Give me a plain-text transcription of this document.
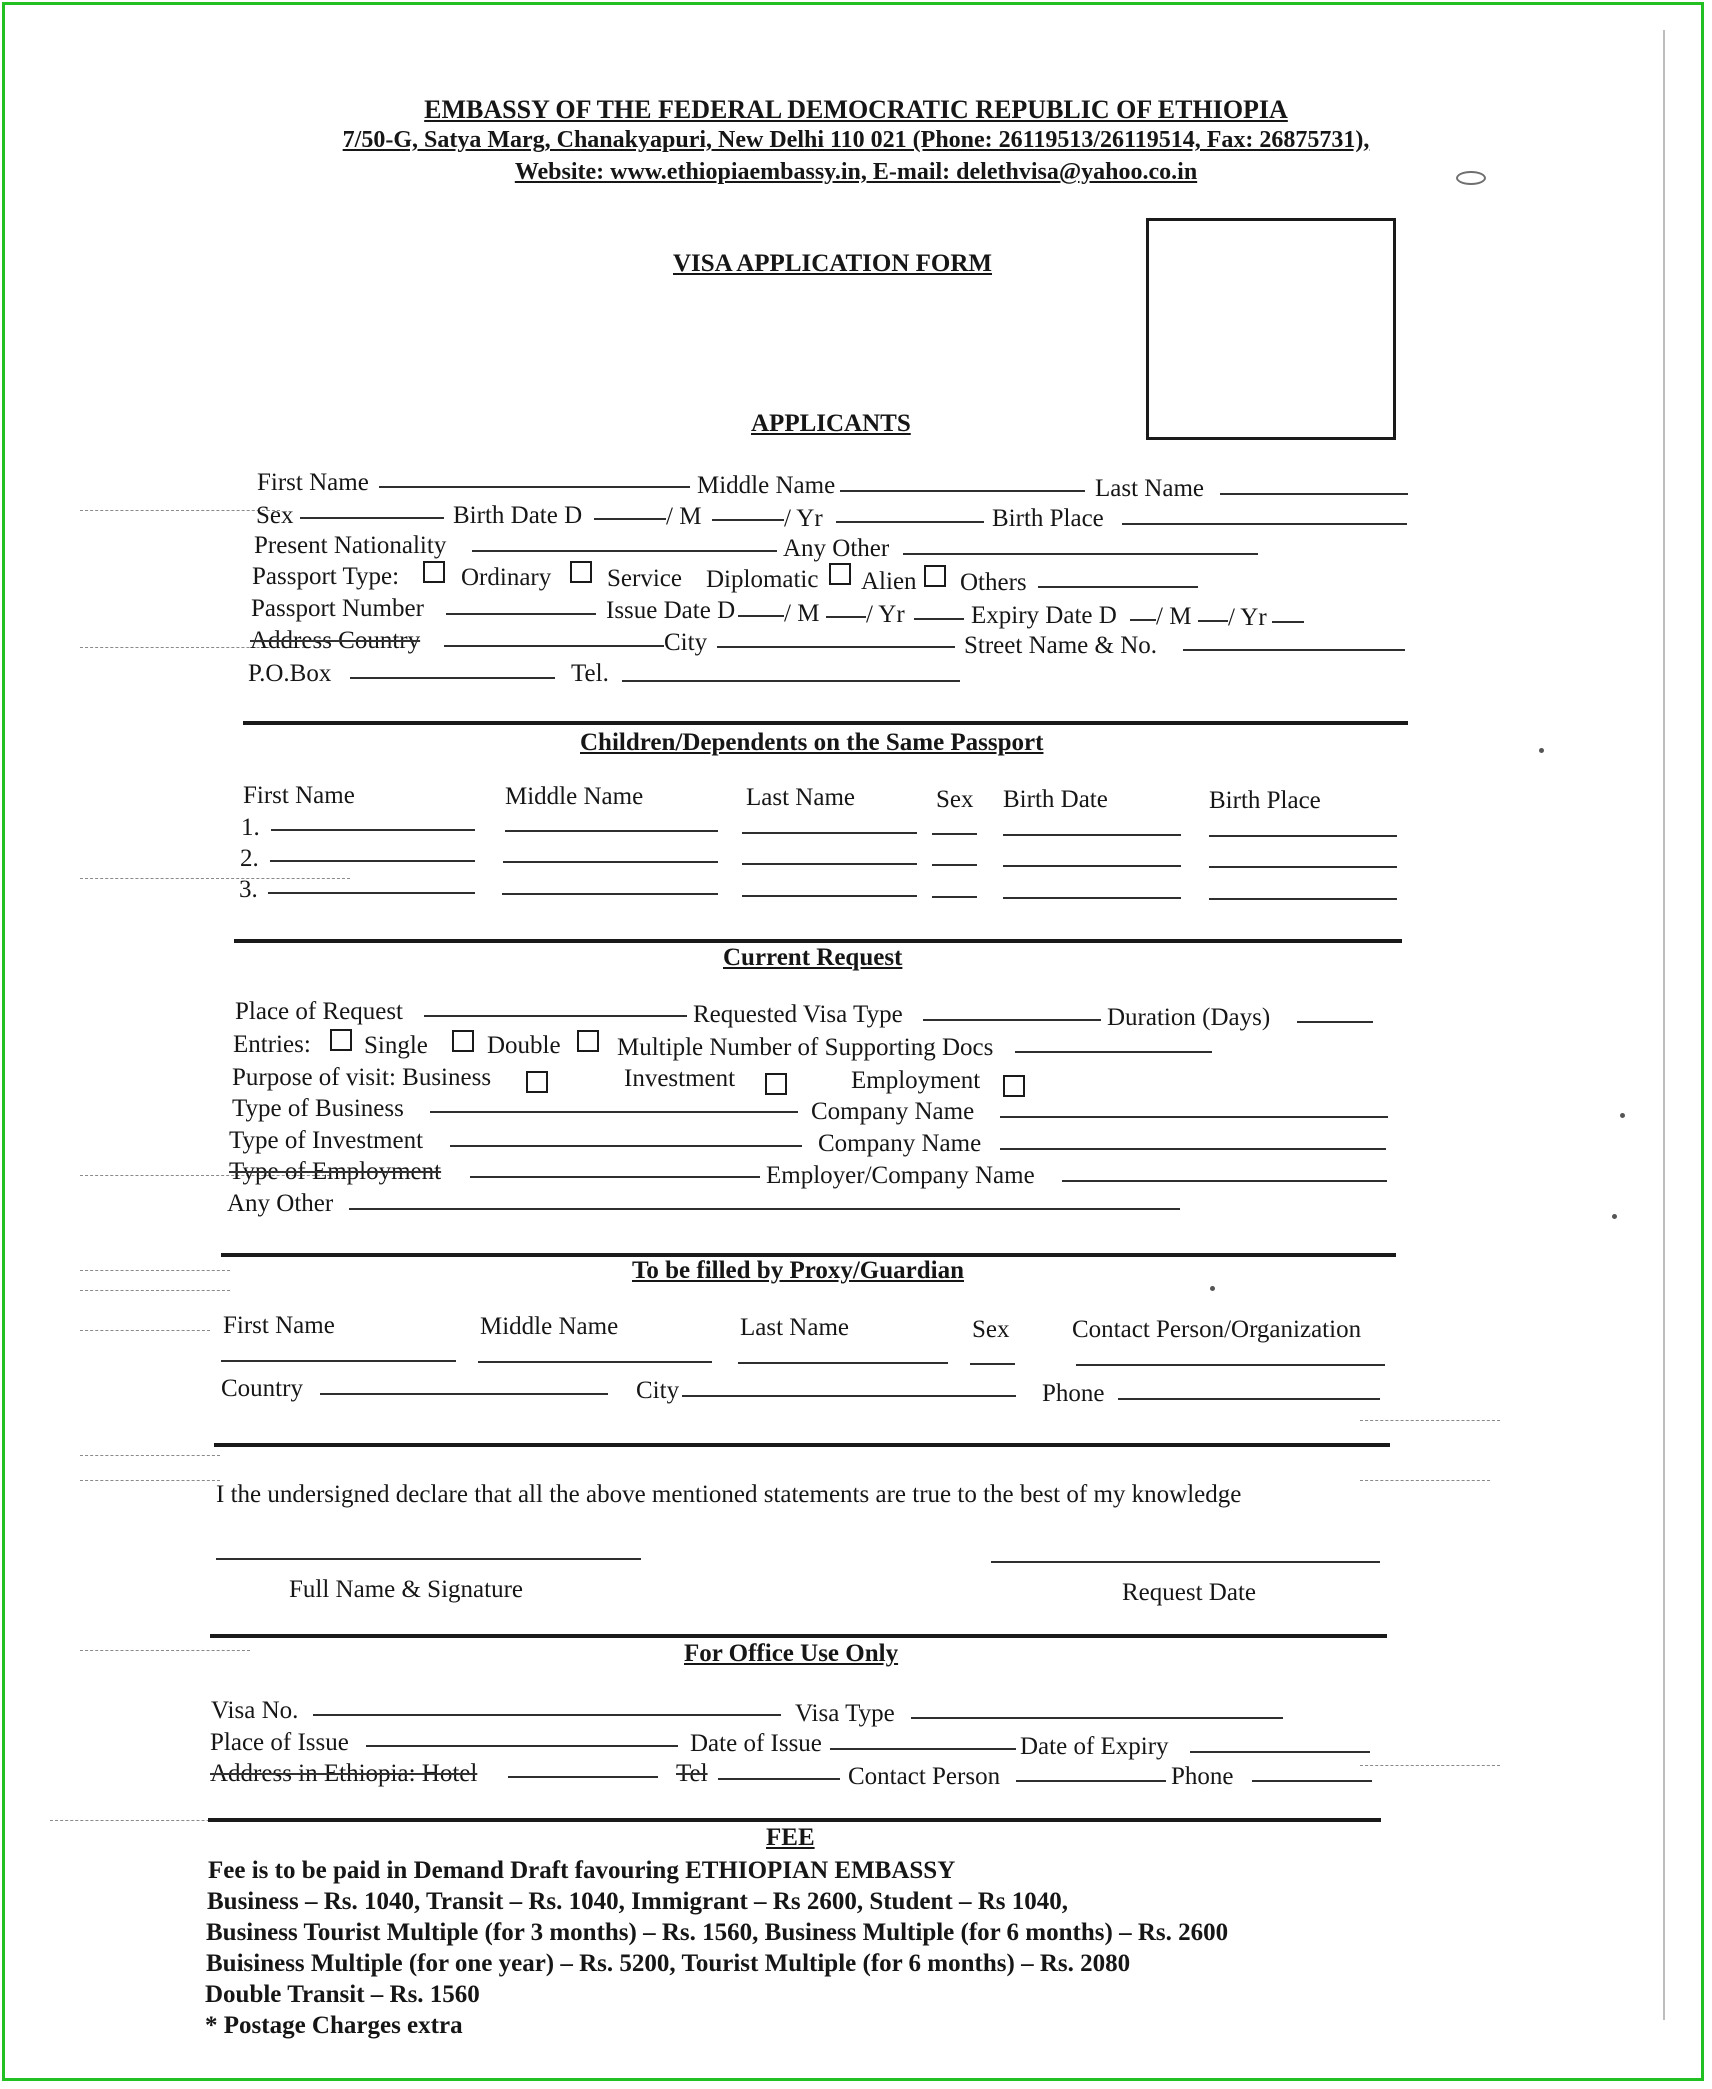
EMBASSY OF THE FEDERAL DEMOCRATIC REPUBLIC OF ETHIOPIA
7/50-G, Satya Marg, Chanakyapuri, New Delhi 110 021 (Phone: 26119513/26119514, Fax: 26875731),
Website: www.ethiopiaembassy.in, E-mail: delethvisa@yahoo.co.in
VISA APPLICATION FORM
APPLICANTS
First Name	Middle Name	Last Name
Sex	Birth Date D	/ M	/ Yr	Birth Place
Present Nationality	Any Other
Passport Type: Ordinary Service Diplomatic Alien Others
Passport Number	Issue Date D / M / Yr	Expiry Date D / M / Yr
Address Country	City	Street Name & No.
P.O.Box	Tel.
Children/Dependents on the Same Passport
First Name	Middle Name	Last Name	Sex Birth Date	Birth Place
1.
2.
3.
Current Request
Place of Request	Requested Visa Type	Duration (Days)
Entries: Single Double Multiple Number of Supporting Docs
Purpose of visit: Business	Investment	Employment
Type of Business	Company Name
Type of Investment	Company Name
Type of Employment	Employer/Company Name
Any Other
To be filled by Proxy/Guardian
First Name	Middle Name	Last Name	Sex	Contact Person/Organization
Country	City	Phone
I the undersigned declare that all the above mentioned statements are true to the best of my knowledge
Full Name & Signature	Request Date
For Office Use Only
Visa No.	Visa Type
Place of Issue	Date of Issue	Date of Expiry
Address in Ethiopia: Hotel	Tel	Contact Person	Phone
FEE
Fee is to be paid in Demand Draft favouring ETHIOPIAN EMBASSY
Business – Rs. 1040, Transit – Rs. 1040, Immigrant – Rs 2600, Student – Rs 1040,
Business Tourist Multiple (for 3 months) – Rs. 1560, Business Multiple (for 6 months) – Rs. 2600
Buisiness Multiple (for one year) – Rs. 5200, Tourist Multiple (for 6 months) – Rs. 2080
Double Transit – Rs. 1560
* Postage Charges extra
